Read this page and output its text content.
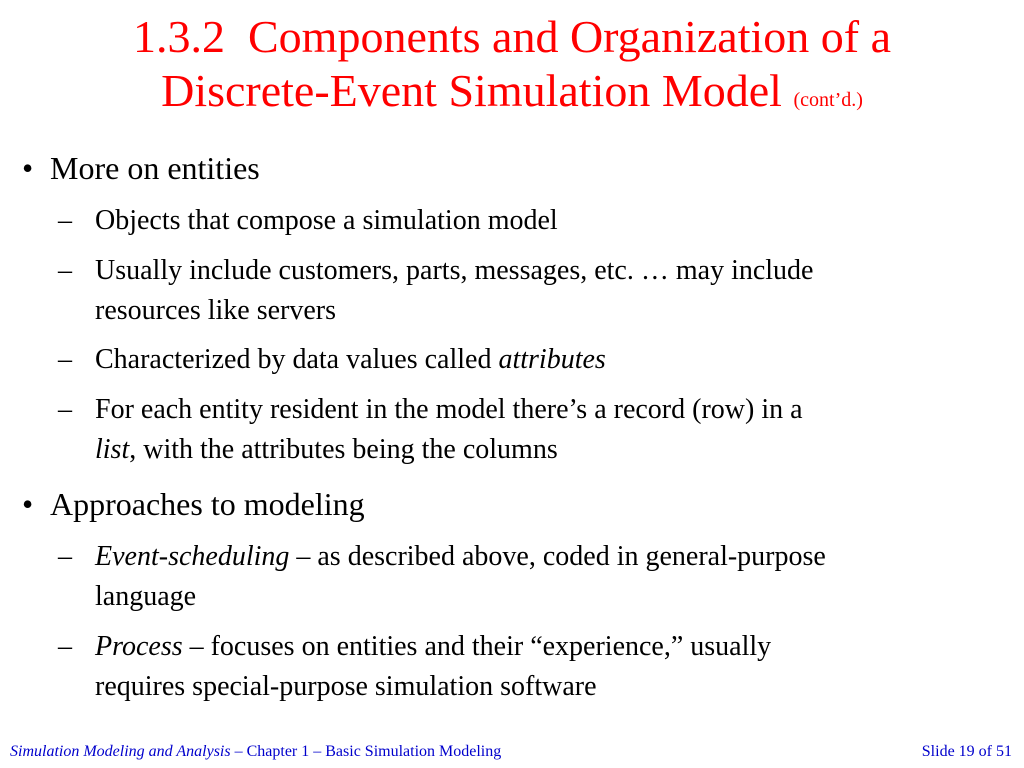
1.3.2  Components and Organization of a
Discrete-Event Simulation Model (cont’d.)
• More on entities
– Objects that compose a simulation model
– Usually include customers, parts, messages, etc. … may include
resources like servers
– Characterized by data values called attributes
– For each entity resident in the model there’s a record (row) in a
list, with the attributes being the columns
• Approaches to modeling
– Event-scheduling – as described above, coded in general-purpose
language
– Process – focuses on entities and their “experience,” usually
requires special-purpose simulation software
Simulation Modeling and Analysis – Chapter 1 – Basic Simulation Modeling	Slide 19 of 51
